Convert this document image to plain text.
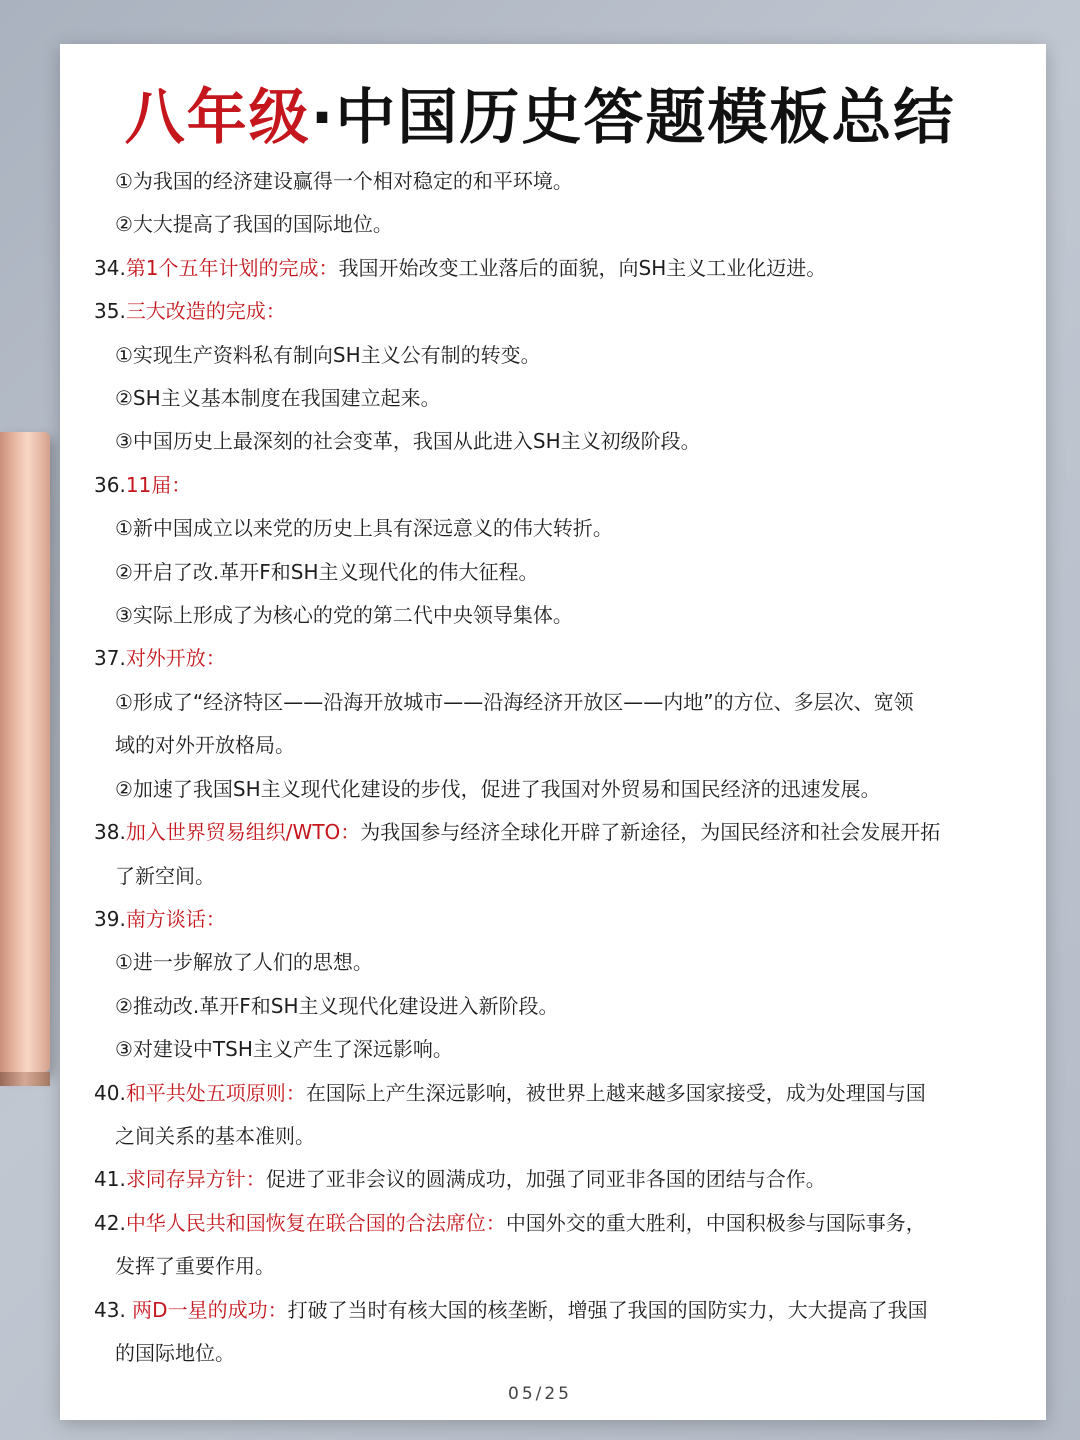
八年级·中国历史答题模板总结
①为我国的经济建设赢得一个相对稳定的和平环境。
②大大提高了我国的国际地位。
34.第1个五年计划的完成：我国开始改变工业落后的面貌，向SH主义工业化迈进。
35.三大改造的完成：
①实现生产资料私有制向SH主义公有制的转变。
②SH主义基本制度在我国建立起来。
③中国历史上最深刻的社会变革，我国从此进入SH主义初级阶段。
36.11届：
①新中国成立以来党的历史上具有深远意义的伟大转折。
②开启了改.革开F和SH主义现代化的伟大征程。
③实际上形成了为核心的党的第二代中央领导集体。
37.对外开放：
①形成了“经济特区——沿海开放城市——沿海经济开放区——内地”的方位、多层次、宽领
域的对外开放格局。
②加速了我国SH主义现代化建设的步伐，促进了我国对外贸易和国民经济的迅速发展。
38.加入世界贸易组织/WTO：为我国参与经济全球化开辟了新途径，为国民经济和社会发展开拓
了新空间。
39.南方谈话：
①进一步解放了人们的思想。
②推动改.革开F和SH主义现代化建设进入新阶段。
③对建设中TSH主义产生了深远影响。
40.和平共处五项原则：在国际上产生深远影响，被世界上越来越多国家接受，成为处理国与国
之间关系的基本准则。
41.求同存异方针：促进了亚非会议的圆满成功，加强了同亚非各国的团结与合作。
42.中华人民共和国恢复在联合国的合法席位：中国外交的重大胜利，中国积极参与国际事务，
发挥了重要作用。
43. 两D一星的成功：打破了当时有核大国的核垄断，增强了我国的国防实力，大大提高了我国
的国际地位。
05/25
